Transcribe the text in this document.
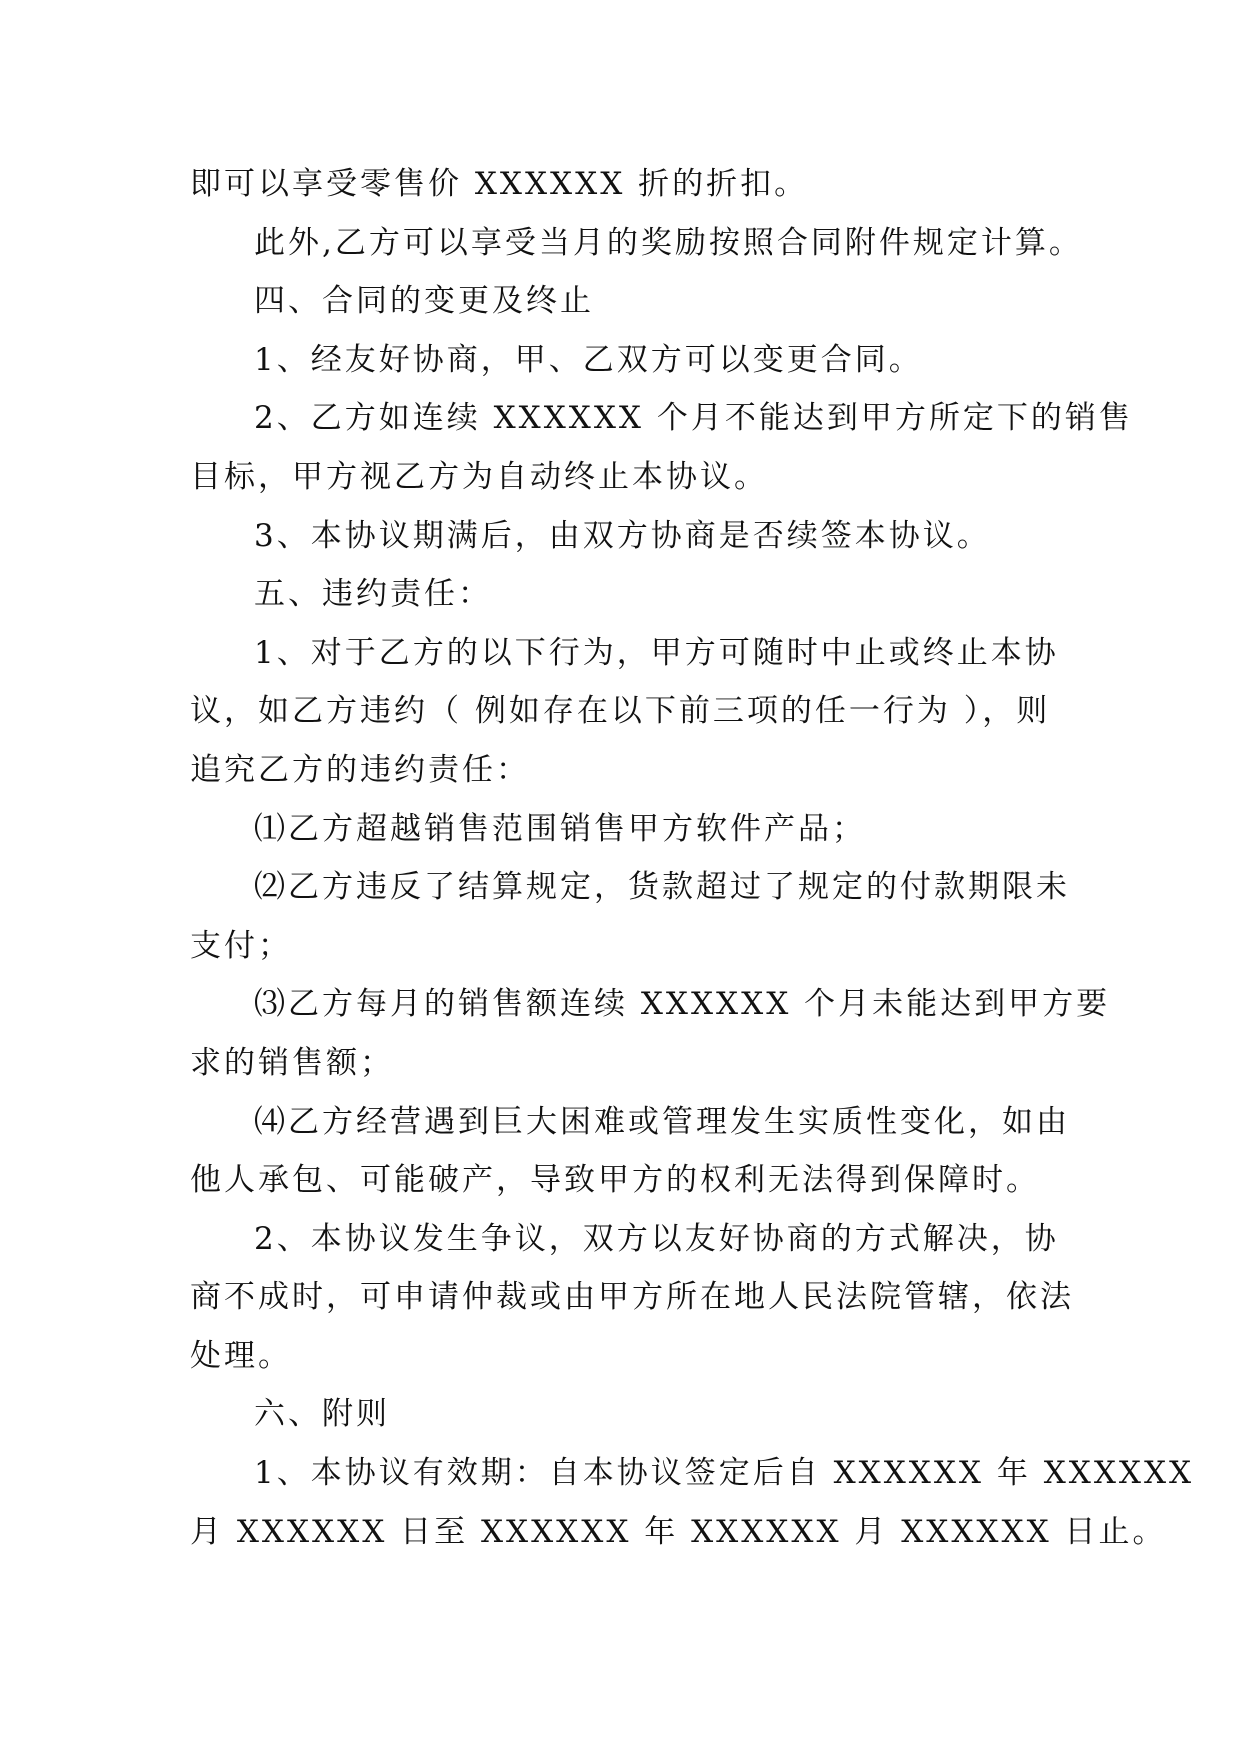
即可以享受零售价 XXXXXX 折的折扣。
此外,乙方可以享受当月的奖励按照合同附件规定计算。
四、合同的变更及终止
1、经友好协商，甲、乙双方可以变更合同。
2、乙方如连续 XXXXXX 个月不能达到甲方所定下的销售
目标，甲方视乙方为自动终止本协议。
3、本协议期满后，由双方协商是否续签本协议。
五、违约责任：
1、对于乙方的以下行为，甲方可随时中止或终止本协
议，如乙方违约（ 例如存在以下前三项的任一行为 ），则
追究乙方的违约责任：
⑴乙方超越销售范围销售甲方软件产品；
⑵乙方违反了结算规定，货款超过了规定的付款期限未
支付；
⑶乙方每月的销售额连续 XXXXXX 个月未能达到甲方要
求的销售额；
⑷乙方经营遇到巨大困难或管理发生实质性变化，如由
他人承包、可能破产，导致甲方的权利无法得到保障时。
2、本协议发生争议，双方以友好协商的方式解决，协
商不成时，可申请仲裁或由甲方所在地人民法院管辖，依法
处理。
六、附则
1、本协议有效期：自本协议签定后自 XXXXXX 年 XXXXXX
月 XXXXXX 日至 XXXXXX 年 XXXXXX 月 XXXXXX 日止。
